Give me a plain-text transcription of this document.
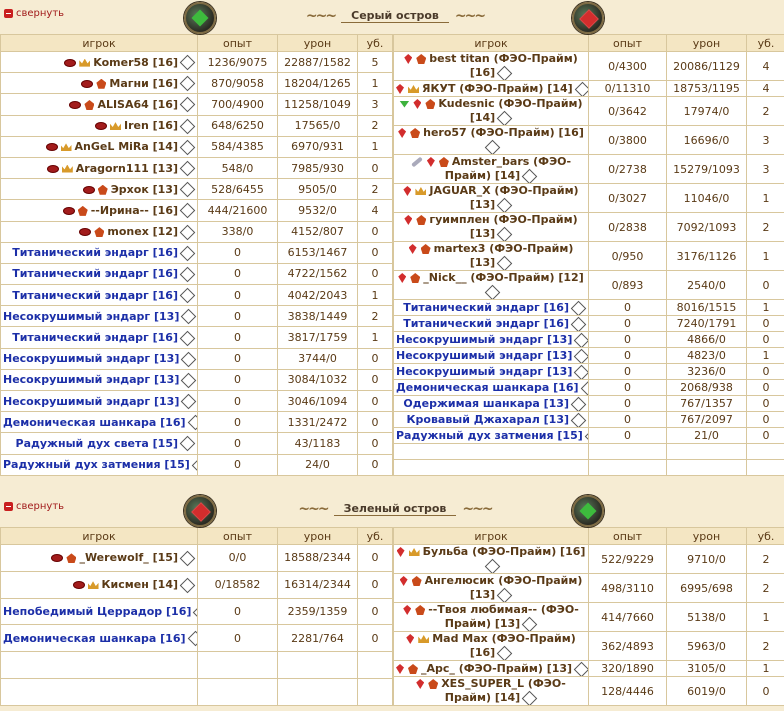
свернуть	~~~	Серый остров	~~~
игрок	опыт	урон	уб.
Komer58 [16]	1236/9075	22887/1582	5
Магни [16]	870/9058	18204/1265	1
ALISA64 [16]	700/4900	11258/1049	3
Iren [16]	648/6250	17565/0	2
AnGeL MiRa [14]	584/4385	6970/931	1
Aragorn111 [13]	548/0	7985/930	0
Эрхок [13]	528/6455	9505/0	2
--Ирина-- [16]	444/21600	9532/0	4
monex [12]	338/0	4152/807	0
Титанический эндарг [16]	0	6153/1467	0
Титанический эндарг [16]	0	4722/1562	0
Титанический эндарг [16]	0	4042/2043	1
Несокрушимый эндарг [13]	0	3838/1449	2
Титанический эндарг [16]	0	3817/1759	1
Несокрушимый эндарг [13]	0	3744/0	0
Несокрушимый эндарг [13]	0	3084/1032	0
Несокрушимый эндарг [13]	0	3046/1094	0
Демоническая шанкара [16]	0	1331/2472	0
Радужный дух света [15]	0	43/1183	0
Радужный дух затмения [15]	0	24/0	0
игрок	опыт	урон	уб.
best titan (ФЭО-Прайм) [16]	0/4300	20086/1129	4
ЯКУТ (ФЭО-Прайм) [14]	0/11310	18753/1195	4
Kudesnic (ФЭО-Прайм) [14]	0/3642	17974/0	2
hero57 (ФЭО-Прайм) [16]	0/3800	16696/0	3
Amster_bars (ФЭО-Прайм) [14]	0/2738	15279/1093	3
JAGUAR_X (ФЭО-Прайм) [13]	0/3027	11046/0	1
гуимплен (ФЭО-Прайм) [13]	0/2838	7092/1093	2
martex3 (ФЭО-Прайм) [13]	0/950	3176/1126	1
_Nick__ (ФЭО-Прайм) [12]	0/893	2540/0	0
Титанический эндарг [16]	0	8016/1515	1
Титанический эндарг [16]	0	7240/1791	0
Несокрушимый эндарг [13]	0	4866/0	0
Несокрушимый эндарг [13]	0	4823/0	1
Несокрушимый эндарг [13]	0	3236/0	0
Демоническая шанкара [16]	0	2068/938	0
Одержимая шанкара [13]	0	767/1357	0
Кровавый Джахарал [13]	0	767/2097	0
Радужный дух затмения [15]	0	21/0	0

свернуть	~~~	Зеленый остров	~~~
игрок	опыт	урон	уб.
_Werewolf_ [15]	0/0	18588/2344	0
Кисмен [14]	0/18582	16314/2344	0
Непобедимый Церрадор [16]	0	2359/1359	0
Демоническая шанкара [16]	0	2281/764	0

игрок	опыт	урон	уб.
Бульба (ФЭО-Прайм) [16]	522/9229	9710/0	2
Ангелюсик (ФЭО-Прайм) [13]	498/3110	6995/698	2
--Твоя любимая-- (ФЭО-Прайм) [13]	414/7660	5138/0	1
Mad Max (ФЭО-Прайм) [16]	362/4893	5963/0	2
_Apc_ (ФЭО-Прайм) [13]	320/1890	3105/0	1
XES_SUPER_L (ФЭО-Прайм) [14]	128/4446	6019/0	0
